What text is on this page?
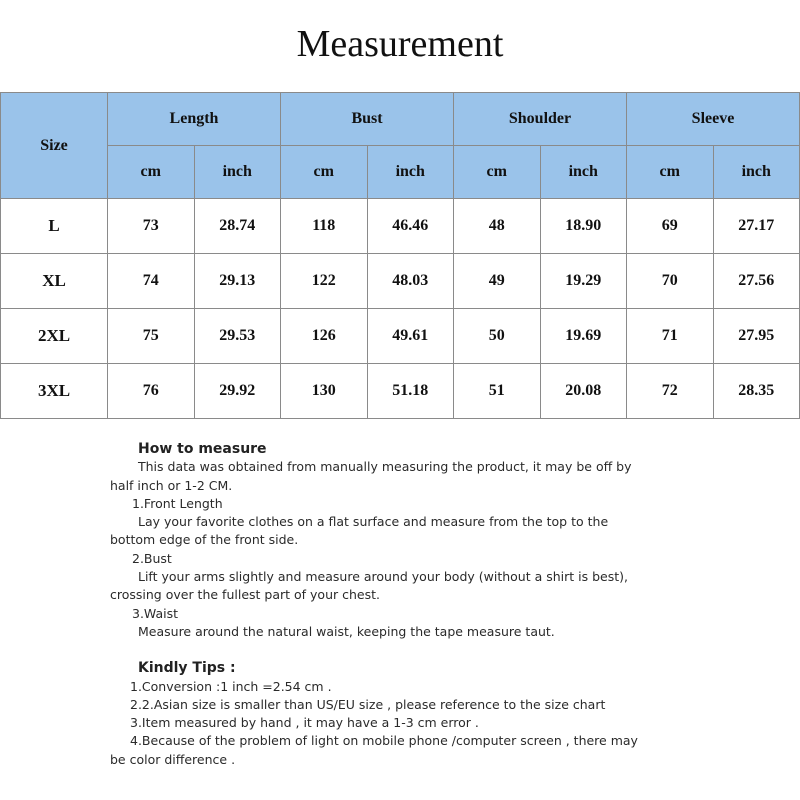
Measurement
Size	Length		Bust		Shoulder		Sleeve	
	cm	inch	cm	inch	cm	inch	cm	inch
L	73	28.74	118	46.46	48	18.90	69	27.17
XL	74	29.13	122	48.03	49	19.29	70	27.56
2XL	75	29.53	126	49.61	50	19.69	71	27.95
3XL	76	29.92	130	51.18	51	20.08	72	28.35
How to measure
This data was obtained from manually measuring the product, it may be off by
half inch or 1-2 CM.
1.Front Length
Lay your favorite clothes on a flat surface and measure from the top to the
bottom edge of the front side.
2.Bust
Lift your arms slightly and measure around your body (without a shirt is best),
crossing over the fullest part of your chest.
3.Waist
Measure around the natural waist, keeping the tape measure taut.
Kindly Tips :
1.Conversion :1 inch =2.54 cm .
2.2.Asian size is smaller than US/EU size , please reference to the size chart
3.Item measured by hand , it may have a 1-3 cm error .
4.Because of the problem of light on mobile phone /computer screen , there may
be color difference .
